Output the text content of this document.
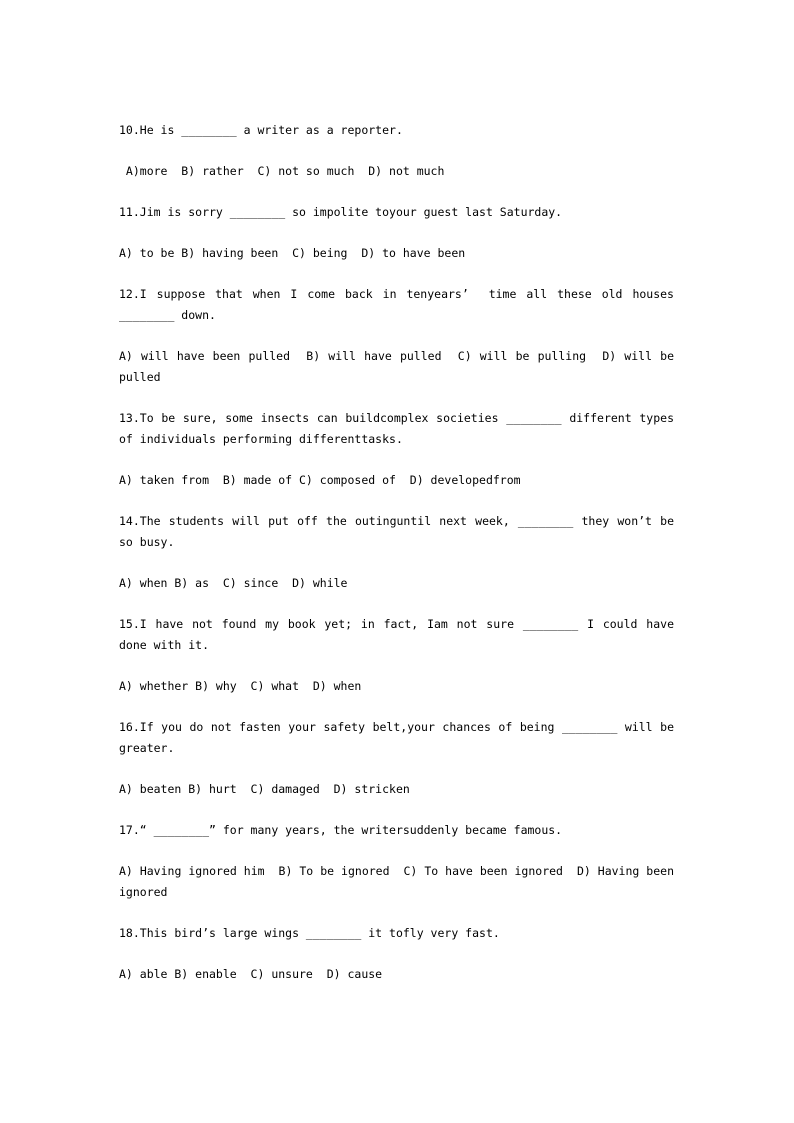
10.He is ________ a writer as a reporter.

A)more  B) rather  C) not so much  D) not much

11.Jim is sorry ________ so impolite toyour guest last Saturday.

A) to be B) having been  C) being  D) to have been

12.I suppose that when I come back in tenyears’  time all these old houses ________ down.

A) will have been pulled  B) will have pulled  C) will be pulling  D) will be pulled

13.To be sure, some insects can buildcomplex societies ________ different types of individuals performing differenttasks.

A) taken from  B) made of C) composed of  D) developedfrom

14.The students will put off the outinguntil next week, ________ they won’t be so busy.

A) when B) as  C) since  D) while

15.I have not found my book yet; in fact, Iam not sure ________ I could have done with it.

A) whether B) why  C) what  D) when

16.If you do not fasten your safety belt,your chances of being ________ will be greater.

A) beaten B) hurt  C) damaged  D) stricken

17.“ ________” for many years, the writersuddenly became famous.

A) Having ignored him  B) To be ignored  C) To have been ignored  D) Having been ignored

18.This bird’s large wings ________ it tofly very fast.

A) able B) enable  C) unsure  D) cause
